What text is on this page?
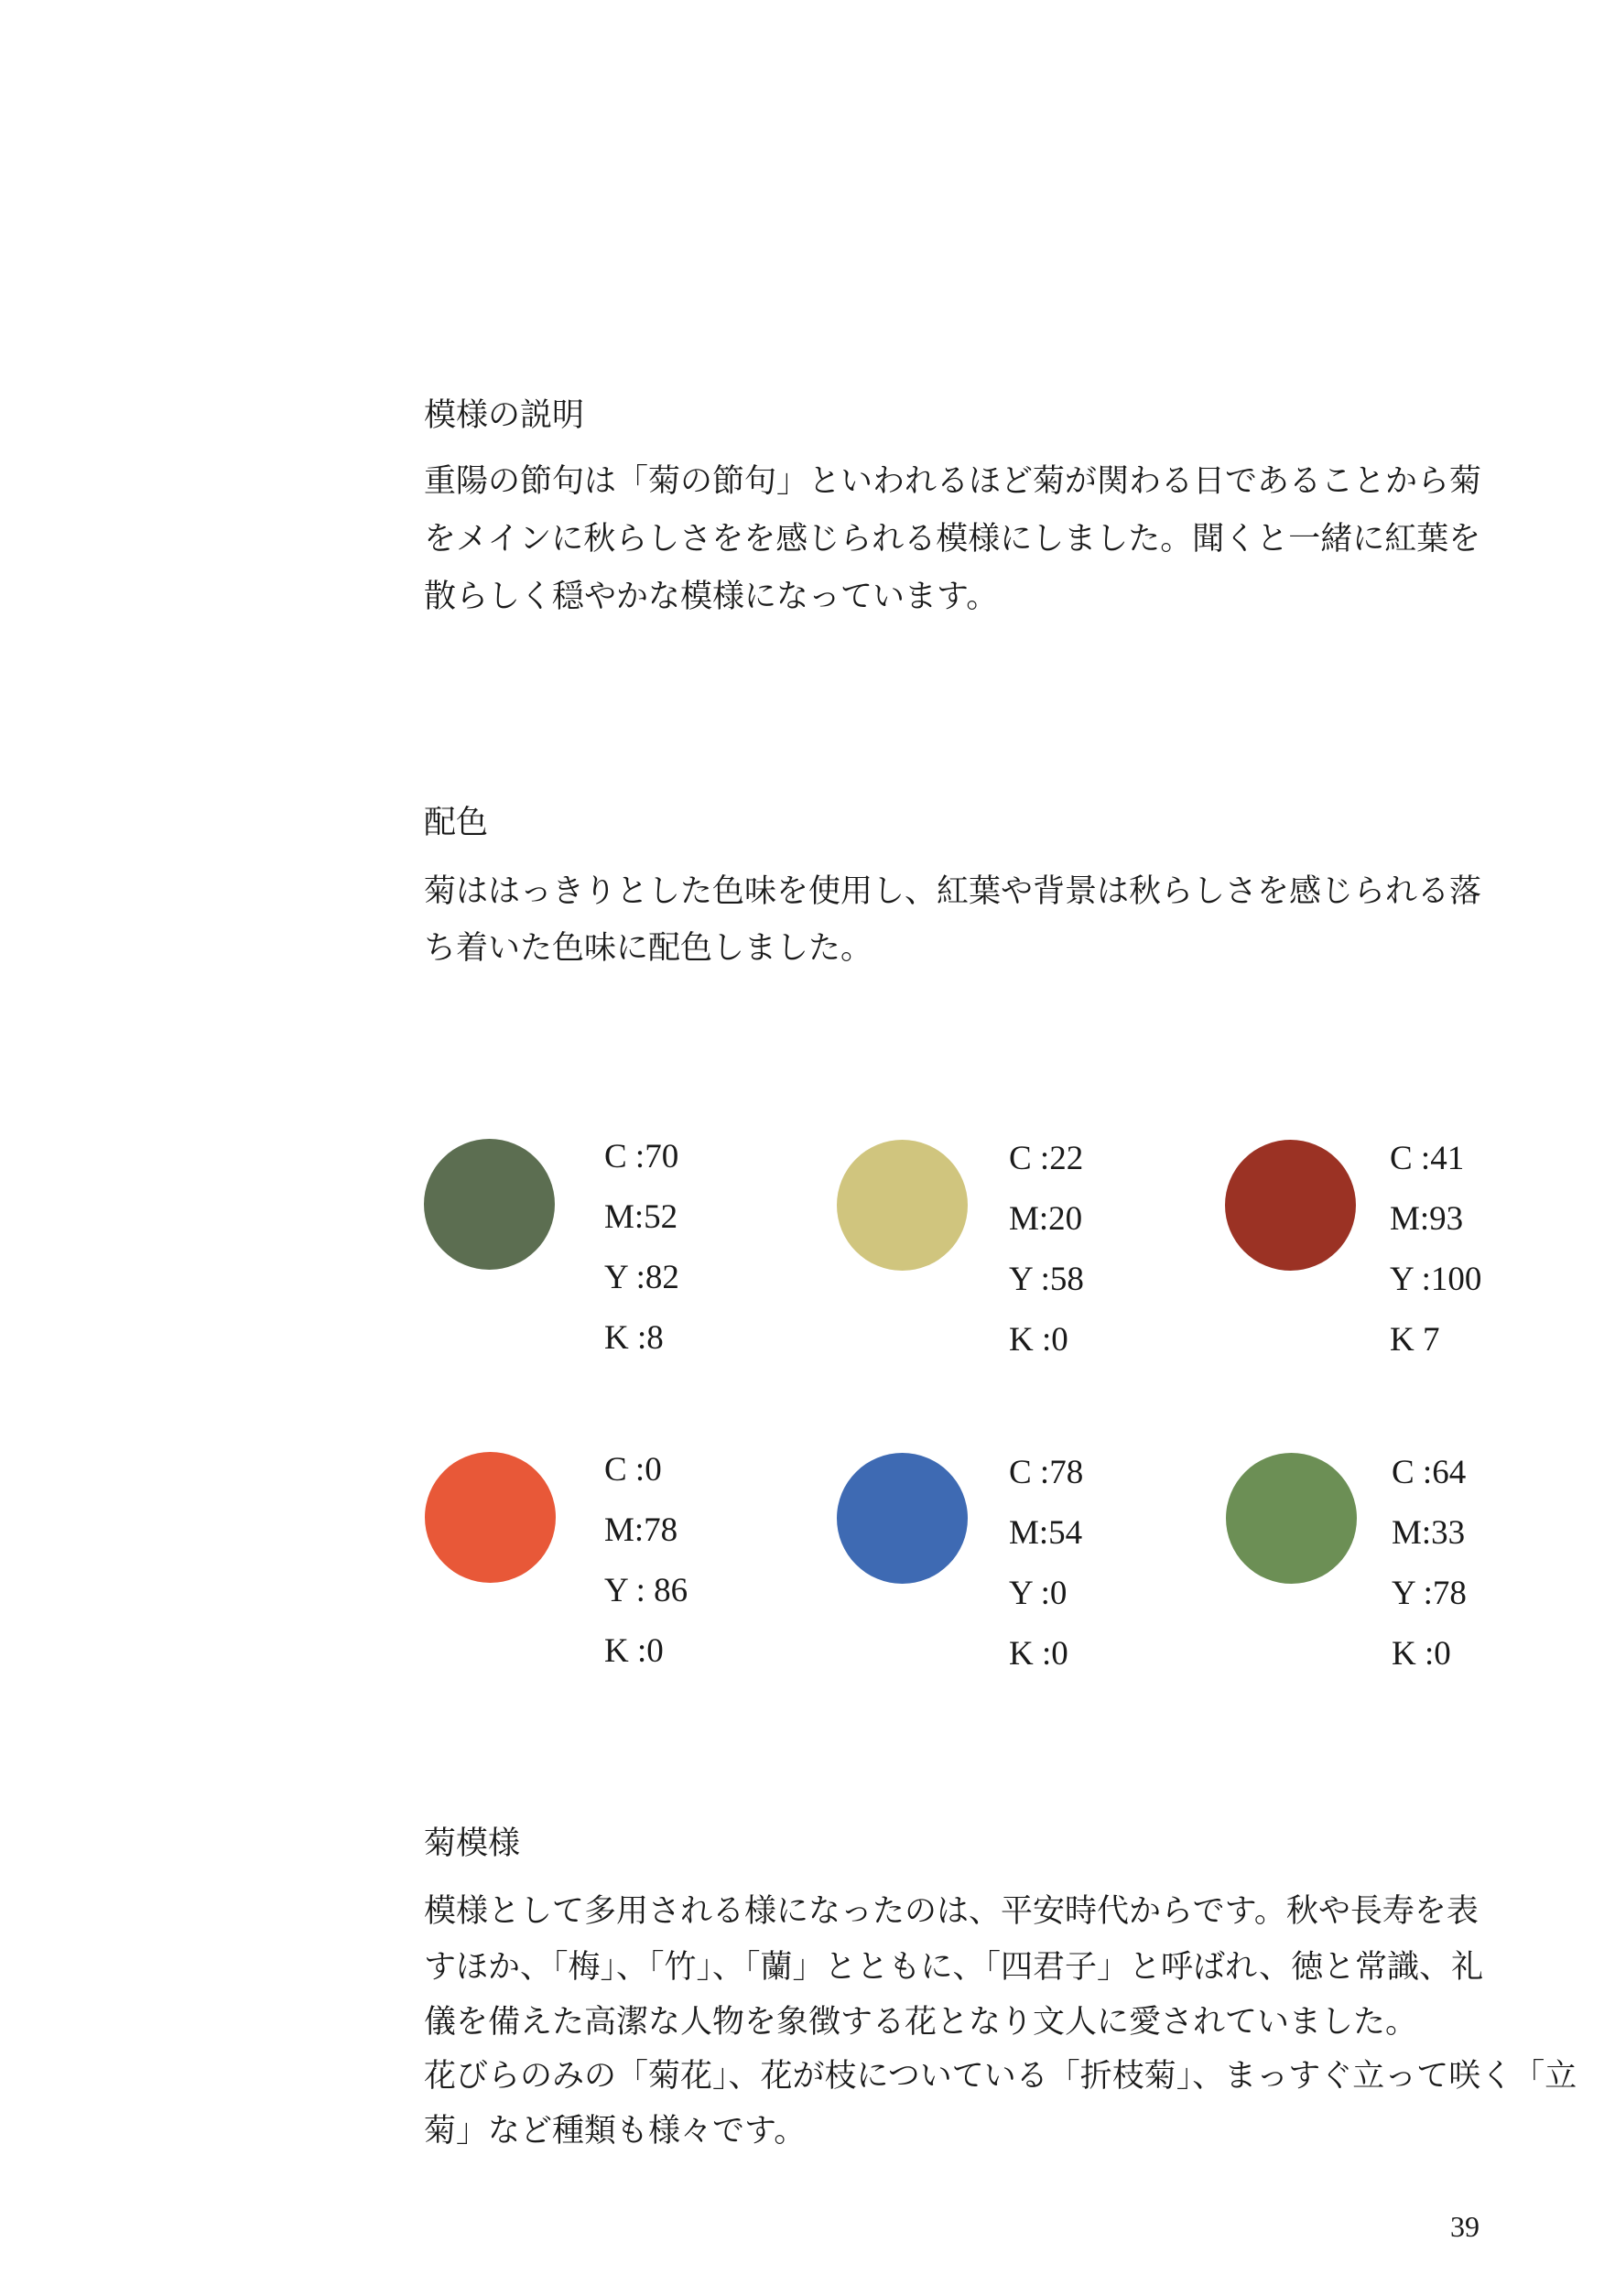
模様の説明
重陽の節句は「菊の節句」といわれるほど菊が関わる日であることから菊
をメインに秋らしさをを感じられる模様にしました。聞くと一緒に紅葉を
散らしく穏やかな模様になっています。
配色
菊ははっきりとした色味を使用し、紅葉や背景は秋らしさを感じられる落
ち着いた色味に配色しました。
C :70
M:52
Y :82
K :8
C :22
M:20
Y :58
K :0
C :41
M:93
Y :100
K 7
C :0
M:78
Y : 86
K :0
C :78
M:54
Y :0
K :0
C :64
M:33
Y :78
K :0
菊模様
模様として多用される様になったのは、平安時代からです。秋や長寿を表
すほか、「梅」、「竹」、「蘭」とともに、「四君子」と呼ばれ、徳と常識、礼
儀を備えた高潔な人物を象徴する花となり文人に愛されていました。
花びらのみの「菊花」、花が枝についている「折枝菊」、まっすぐ立って咲く「立
菊」など種類も様々です。
39
